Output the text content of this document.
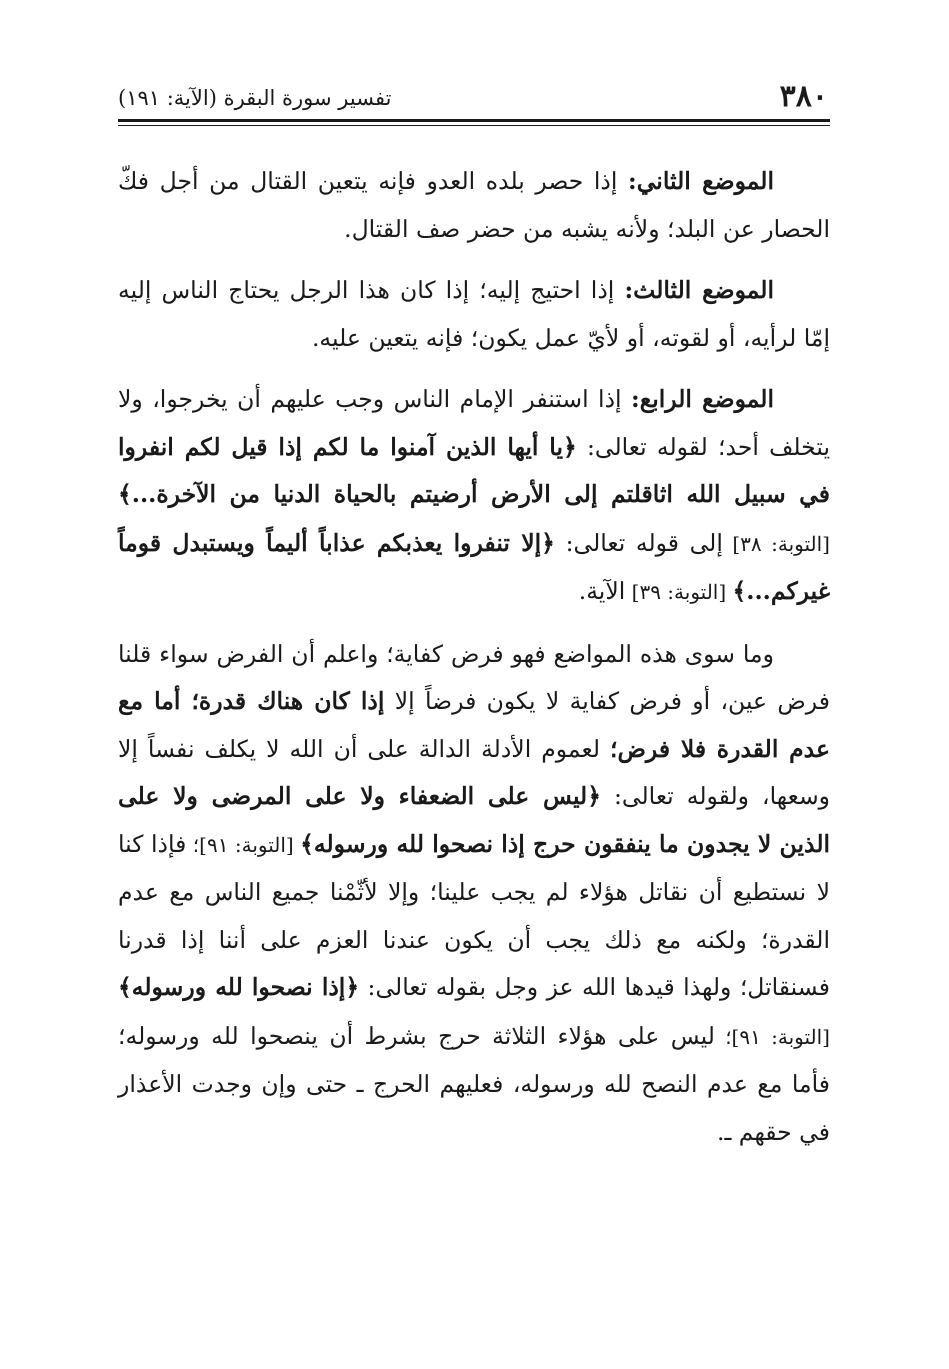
تفسير سورة البقرة (الآية: ١٩١)	٣٨٠

الموضع الثاني: إذا حصر بلده العدو فإنه يتعين القتال من أجل فكّ الحصار عن البلد؛ ولأنه يشبه من حضر صف القتال.

الموضع الثالث: إذا احتيج إليه؛ إذا كان هذا الرجل يحتاج الناس إليه إمّا لرأيه، أو لقوته، أو لأيّ عمل يكون؛ فإنه يتعين عليه.

الموضع الرابع: إذا استنفر الإمام الناس وجب عليهم أن يخرجوا، ولا يتخلف أحد؛ لقوله تعالى: ﴿يا أيها الذين آمنوا ما لكم إذا قيل لكم انفروا في سبيل الله اثاقلتم إلى الأرض أرضيتم بالحياة الدنيا من الآخرة...﴾ [التوبة: ٣٨] إلى قوله تعالى: ﴿إلا تنفروا يعذبكم عذاباً أليماً ويستبدل قوماً غيركم...﴾ [التوبة: ٣٩] الآية.

وما سوى هذه المواضع فهو فرض كفاية؛ واعلم أن الفرض سواء قلنا فرض عين، أو فرض كفاية لا يكون فرضاً إلا إذا كان هناك قدرة؛ أما مع عدم القدرة فلا فرض؛ لعموم الأدلة الدالة على أن الله لا يكلف نفساً إلا وسعها، ولقوله تعالى: ﴿ليس على الضعفاء ولا على المرضى ولا على الذين لا يجدون ما ينفقون حرج إذا نصحوا لله ورسوله﴾ [التوبة: ٩١]؛ فإذا كنا لا نستطيع أن نقاتل هؤلاء لم يجب علينا؛ وإلا لأثّمْنا جميع الناس مع عدم القدرة؛ ولكنه مع ذلك يجب أن يكون عندنا العزم على أننا إذا قدرنا فسنقاتل؛ ولهذا قيدها الله عز وجل بقوله تعالى: ﴿إذا نصحوا لله ورسوله﴾ [التوبة: ٩١]؛ ليس على هؤلاء الثلاثة حرج بشرط أن ينصحوا لله ورسوله؛ فأما مع عدم النصح لله ورسوله، فعليهم الحرج ـ حتى وإن وجدت الأعذار في حقهم ـ.
